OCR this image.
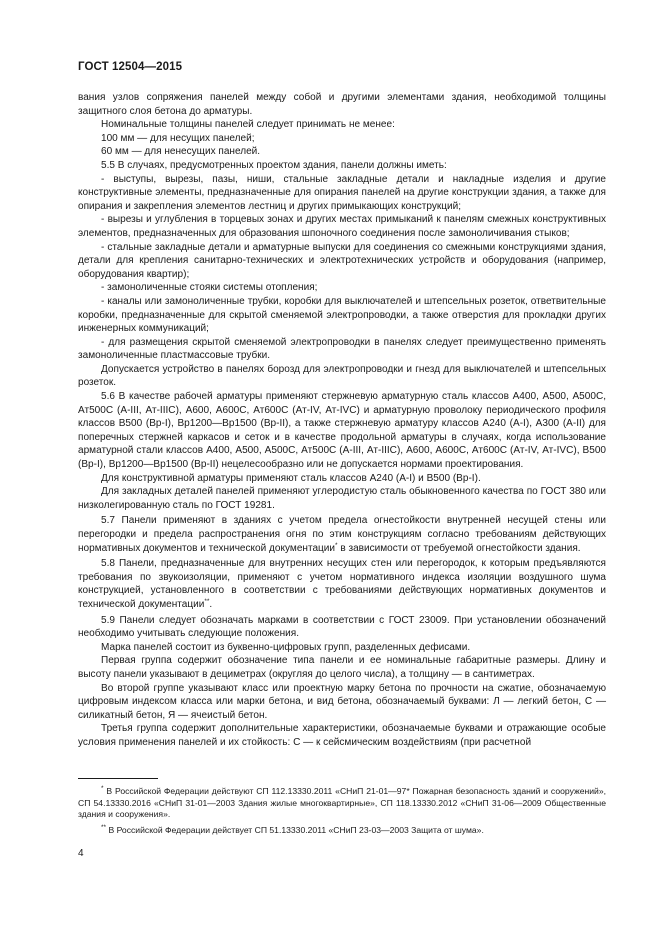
ГОСТ 12504—2015

вания узлов сопряжения панелей между собой и другими элементами здания, необходимой толщины защитного слоя бетона до арматуры.

Номинальные толщины панелей следует принимать не менее:

100 мм — для несущих панелей;

60 мм — для ненесущих панелей.

5.5 В случаях, предусмотренных проектом здания, панели должны иметь:

- выступы, вырезы, пазы, ниши, стальные закладные детали и накладные изделия и другие конструктивные элементы, предназначенные для опирания панелей на другие конструкции здания, а также для опирания и закрепления элементов лестниц и других примыкающих конструкций;

- вырезы и углубления в торцевых зонах и других местах примыканий к панелям смежных конструктивных элементов, предназначенных для образования шпоночного соединения после замоноличивания стыков;

- стальные закладные детали и арматурные выпуски для соединения со смежными конструкциями здания, детали для крепления санитарно-технических и электротехнических устройств и оборудования (например, оборудования квартир);

- замоноличенные стояки системы отопления;

- каналы или замоноличенные трубки, коробки для выключателей и штепсельных розеток, ответвительные коробки, предназначенные для скрытой сменяемой электропроводки, а также отверстия для прокладки других инженерных коммуникаций;

- для размещения скрытой сменяемой электропроводки в панелях следует преимущественно применять замоноличенные пластмассовые трубки.

Допускается устройство в панелях борозд для электропроводки и гнезд для выключателей и штепсельных розеток.

5.6 В качестве рабочей арматуры применяют стержневую арматурную сталь классов А400, А500, А500С, Ат500С (А-III, Ат-IIIС), А600, А600С, Ат600С (Ат-IV, Ат-IVC) и арматурную проволоку периодического профиля классов В500 (Вр-I), Вр1200—Вр1500 (Вр-II), а также стержневую арматуру классов А240 (А-I), А300 (А-II) для поперечных стержней каркасов и сеток и в качестве продольной арматуры в случаях, когда использование арматурной стали классов А400, А500, А500С, Ат500С (А-III, Ат-IIIС), А600, А600С, Ат600С (Ат-IV, Ат-IVC), В500 (Вр-I), Вр1200—Вр1500 (Вр-II) нецелесообразно или не допускается нормами проектирования.

Для конструктивной арматуры применяют сталь классов А240 (А-I) и В500 (Вр-I).

Для закладных деталей панелей применяют углеродистую сталь обыкновенного качества по ГОСТ 380 или низколегированную сталь по ГОСТ 19281.

5.7 Панели применяют в зданиях с учетом предела огнестойкости внутренней несущей стены или перегородки и предела распространения огня по этим конструкциям согласно требованиям действующих нормативных документов и технической документации* в зависимости от требуемой огнестойкости здания.

5.8 Панели, предназначенные для внутренних несущих стен или перегородок, к которым предъявляются требования по звукоизоляции, применяют с учетом нормативного индекса изоляции воздушного шума конструкцией, установленного в соответствии с требованиями действующих нормативных документов и технической документации**.

5.9 Панели следует обозначать марками в соответствии с ГОСТ 23009. При установлении обозначений необходимо учитывать следующие положения.

Марка панелей состоит из буквенно-цифровых групп, разделенных дефисами.

Первая группа содержит обозначение типа панели и ее номинальные габаритные размеры. Длину и высоту панели указывают в дециметрах (округляя до целого числа), а толщину — в сантиметрах.

Во второй группе указывают класс или проектную марку бетона по прочности на сжатие, обозначаемую цифровым индексом класса или марки бетона, и вид бетона, обозначаемый буквами: Л — легкий бетон, С — силикатный бетон, Я — ячеистый бетон.

Третья группа содержит дополнительные характеристики, обозначаемые буквами и отражающие особые условия применения панелей и их стойкость: С — к сейсмическим воздействиям (при расчетной

* В Российской Федерации действуют СП 112.13330.2011 «СНиП 21-01—97* Пожарная безопасность зданий и сооружений», СП 54.13330.2016 «СНиП 31-01—2003 Здания жилые многоквартирные», СП 118.13330.2012 «СНиП 31-06—2009 Общественные здания и сооружения».

** В Российской Федерации действует СП 51.13330.2011 «СНиП 23-03—2003 Защита от шума».

4
